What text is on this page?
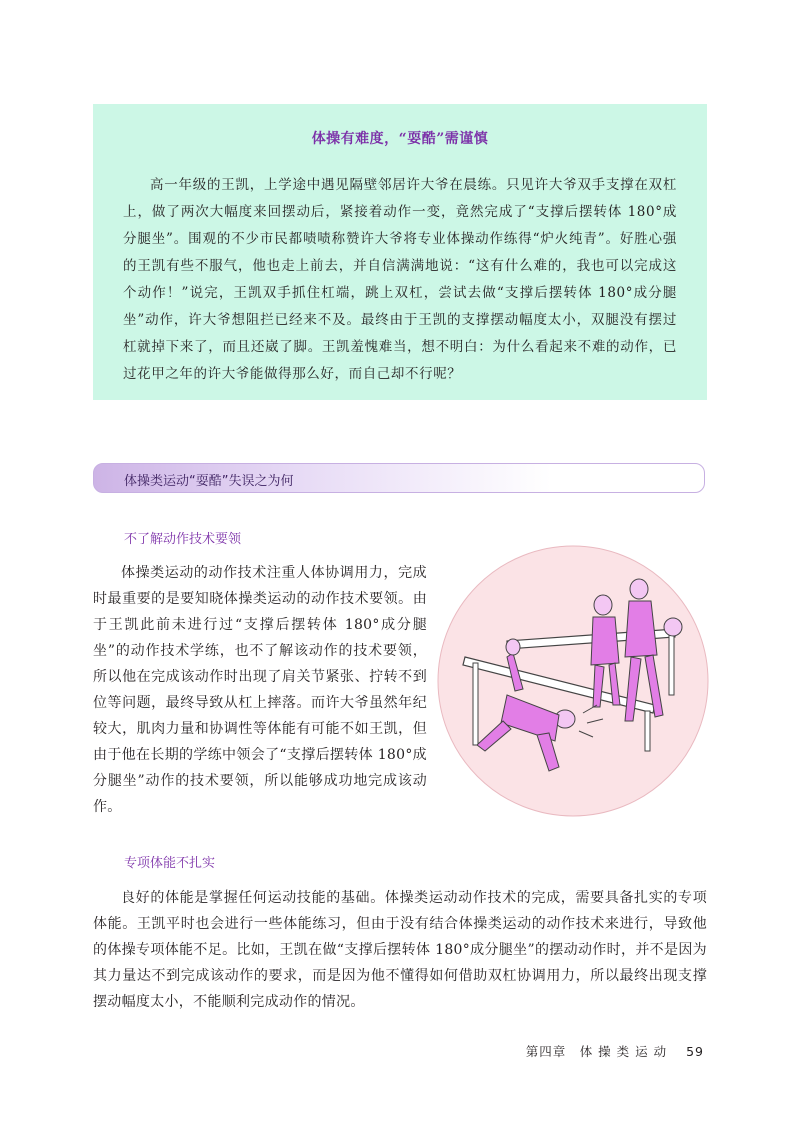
体操有难度，“耍酷”需谨慎

高一年级的王凯，上学途中遇见隔壁邻居许大爷在晨练。只见许大爷双手支撑在双杠上，做了两次大幅度来回摆动后，紧接着动作一变，竟然完成了“支撑后摆转体 180°成分腿坐”。围观的不少市民都啧啧称赞许大爷将专业体操动作练得“炉火纯青”。好胜心强的王凯有些不服气，他也走上前去，并自信满满地说：“这有什么难的，我也可以完成这个动作！”说完，王凯双手抓住杠端，跳上双杠，尝试去做“支撑后摆转体 180°成分腿坐”动作，许大爷想阻拦已经来不及。最终由于王凯的支撑摆动幅度太小，双腿没有摆过杠就掉下来了，而且还崴了脚。王凯羞愧难当，想不明白：为什么看起来不难的动作，已过花甲之年的许大爷能做得那么好，而自己却不行呢？

体操类运动“耍酷”失误之为何

不了解动作技术要领

体操类运动的动作技术注重人体协调用力，完成时最重要的是要知晓体操类运动的动作技术要领。由于王凯此前未进行过“支撑后摆转体 180°成分腿坐”的动作技术学练，也不了解该动作的技术要领，所以他在完成该动作时出现了肩关节紧张、拧转不到位等问题，最终导致从杠上摔落。而许大爷虽然年纪较大，肌肉力量和协调性等体能有可能不如王凯，但由于他在长期的学练中领会了“支撑后摆转体 180°成分腿坐”动作的技术要领，所以能够成功地完成该动作。

专项体能不扎实

良好的体能是掌握任何运动技能的基础。体操类运动动作技术的完成，需要具备扎实的专项体能。王凯平时也会进行一些体能练习，但由于没有结合体操类运动的动作技术来进行，导致他的体操专项体能不足。比如，王凯在做“支撑后摆转体 180°成分腿坐”的摆动动作时，并不是因为其力量达不到完成该动作的要求，而是因为他不懂得如何借助双杠协调用力，所以最终出现支撑摆动幅度太小，不能顺利完成动作的情况。

第四章　体 操 类 运 动 59
